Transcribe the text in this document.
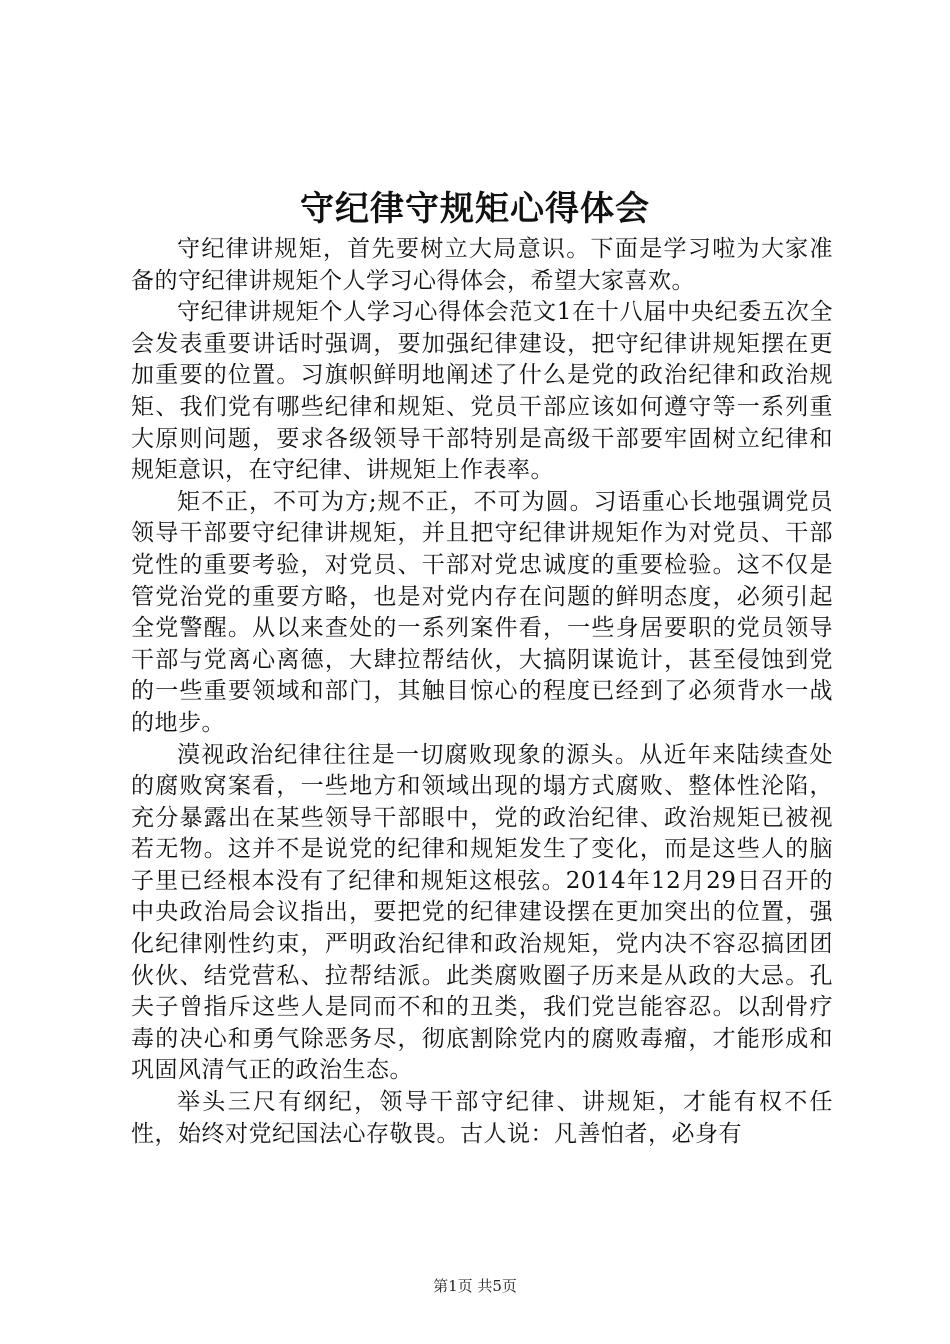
守纪律守规矩心得体会

守纪律讲规矩，首先要树立大局意识。下面是学习啦为大家准备的守纪律讲规矩个人学习心得体会，希望大家喜欢。

守纪律讲规矩个人学习心得体会范文1在十八届中央纪委五次全会发表重要讲话时强调，要加强纪律建设，把守纪律讲规矩摆在更加重要的位置。习旗帜鲜明地阐述了什么是党的政治纪律和政治规矩、我们党有哪些纪律和规矩、党员干部应该如何遵守等一系列重大原则问题，要求各级领导干部特别是高级干部要牢固树立纪律和规矩意识，在守纪律、讲规矩上作表率。

矩不正，不可为方;规不正，不可为圆。习语重心长地强调党员领导干部要守纪律讲规矩，并且把守纪律讲规矩作为对党员、干部党性的重要考验，对党员、干部对党忠诚度的重要检验。这不仅是管党治党的重要方略，也是对党内存在问题的鲜明态度，必须引起全党警醒。从以来查处的一系列案件看，一些身居要职的党员领导干部与党离心离德，大肆拉帮结伙，大搞阴谋诡计，甚至侵蚀到党的一些重要领域和部门，其触目惊心的程度已经到了必须背水一战的地步。

漠视政治纪律往往是一切腐败现象的源头。从近年来陆续查处的腐败窝案看，一些地方和领域出现的塌方式腐败、整体性沦陷，充分暴露出在某些领导干部眼中，党的政治纪律、政治规矩已被视若无物。这并不是说党的纪律和规矩发生了变化，而是这些人的脑子里已经根本没有了纪律和规矩这根弦。2014年12月29日召开的中央政治局会议指出，要把党的纪律建设摆在更加突出的位置，强化纪律刚性约束，严明政治纪律和政治规矩，党内决不容忍搞团团伙伙、结党营私、拉帮结派。此类腐败圈子历来是从政的大忌。孔夫子曾指斥这些人是同而不和的丑类，我们党岂能容忍。以刮骨疗毒的决心和勇气除恶务尽，彻底割除党内的腐败毒瘤，才能形成和巩固风清气正的政治生态。

举头三尺有纲纪，领导干部守纪律、讲规矩，才能有权不任性，始终对党纪国法心存敬畏。古人说：凡善怕者，必身有

第1页 共5页
